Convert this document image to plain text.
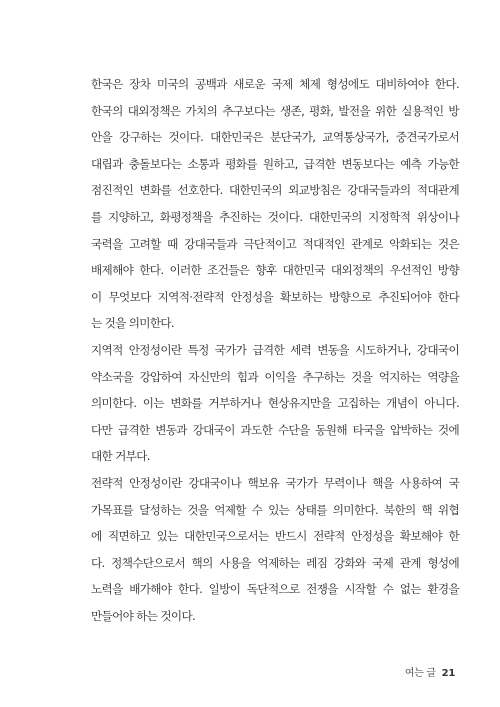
한국은 장차 미국의 공백과 새로운 국제 체제 형성에도 대비하여야 한다.
한국의 대외정책은 가치의 추구보다는 생존, 평화, 발전을 위한 실용적인 방
안을 강구하는 것이다. 대한민국은 분단국가, 교역통상국가, 중견국가로서
대립과 충돌보다는 소통과 평화를 원하고, 급격한 변동보다는 예측 가능한
점진적인 변화를 선호한다. 대한민국의 외교방침은 강대국들과의 적대관계
를 지양하고, 화평정책을 추진하는 것이다. 대한민국의 지정학적 위상이나
국력을 고려할 때 강대국들과 극단적이고 적대적인 관계로 악화되는 것은
배제해야 한다. 이러한 조건들은 향후 대한민국 대외정책의 우선적인 방향
이 무엇보다 지역적·전략적 안정성을 확보하는 방향으로 추진되어야 한다
는 것을 의미한다.
지역적 안정성이란 특정 국가가 급격한 세력 변동을 시도하거나, 강대국이
약소국을 강압하여 자신만의 힘과 이익을 추구하는 것을 억지하는 역량을
의미한다. 이는 변화를 거부하거나 현상유지만을 고집하는 개념이 아니다.
다만 급격한 변동과 강대국이 과도한 수단을 동원해 타국을 압박하는 것에
대한 거부다.
전략적 안정성이란 강대국이나 핵보유 국가가 무력이나 핵을 사용하여 국
가목표를 달성하는 것을 억제할 수 있는 상태를 의미한다. 북한의 핵 위협
에 직면하고 있는 대한민국으로서는 반드시 전략적 안정성을 확보해야 한
다. 정책수단으로서 핵의 사용을 억제하는 레짐 강화와 국제 관계 형성에
노력을 배가해야 한다. 일방이 독단적으로 전쟁을 시작할 수 없는 환경을
만들어야 하는 것이다.
여는 글 21
